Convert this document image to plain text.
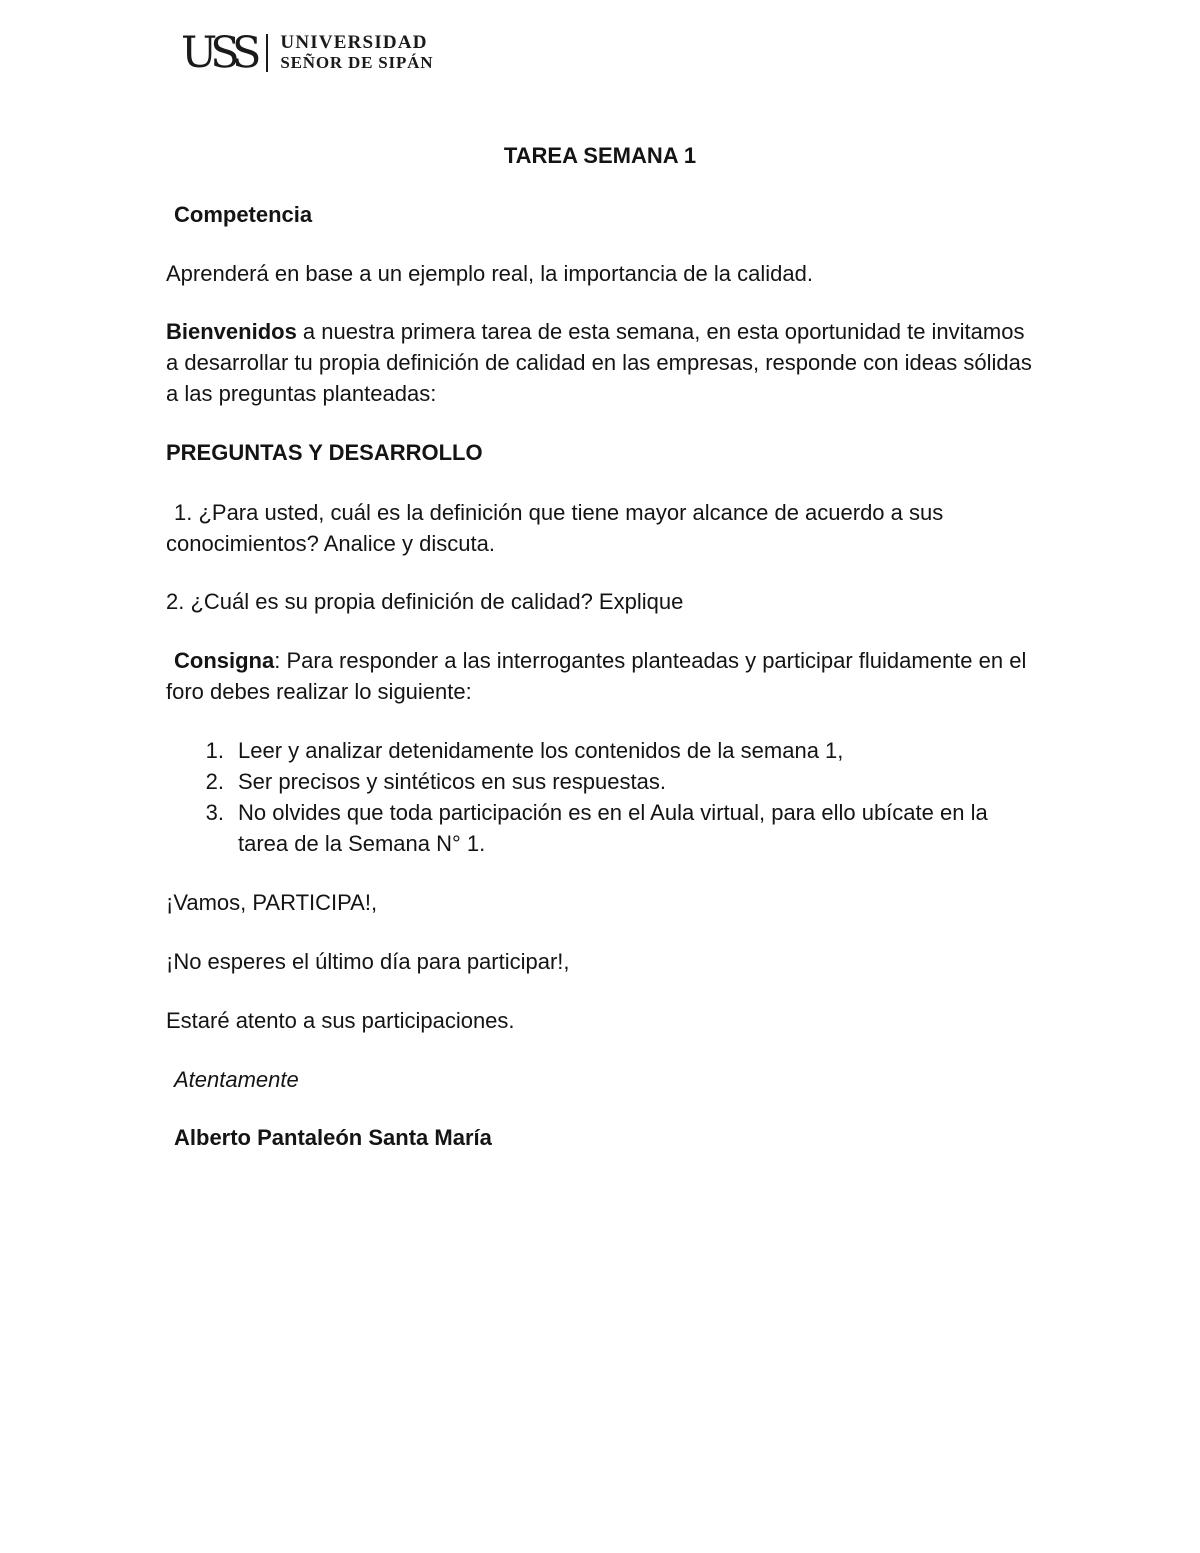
USS UNIVERSIDAD
SEÑOR DE SIPÁN

TAREA SEMANA 1

Competencia

Aprenderá en base a un ejemplo real, la importancia de la calidad.

Bienvenidos a nuestra primera tarea de esta semana, en esta oportunidad te invitamos

a desarrollar tu propia definición de calidad en las empresas, responde con ideas sólidas

a las preguntas planteadas:

PREGUNTAS Y DESARROLLO

1. ¿Para usted, cuál es la definición que tiene mayor alcance de acuerdo a sus

conocimientos? Analice y discuta.

2. ¿Cuál es su propia definición de calidad? Explique

Consigna: Para responder a las interrogantes planteadas y participar fluidamente en el

foro debes realizar lo siguiente:

1. Leer y analizar detenidamente los contenidos de la semana 1,
2. Ser precisos y sintéticos en sus respuestas.
3. No olvides que toda participación es en el Aula virtual, para ello ubícate en la
tarea de la Semana N° 1.

¡Vamos, PARTICIPA!,

¡No esperes el último día para participar!,

Estaré atento a sus participaciones.

Atentamente

Alberto Pantaleón Santa María
